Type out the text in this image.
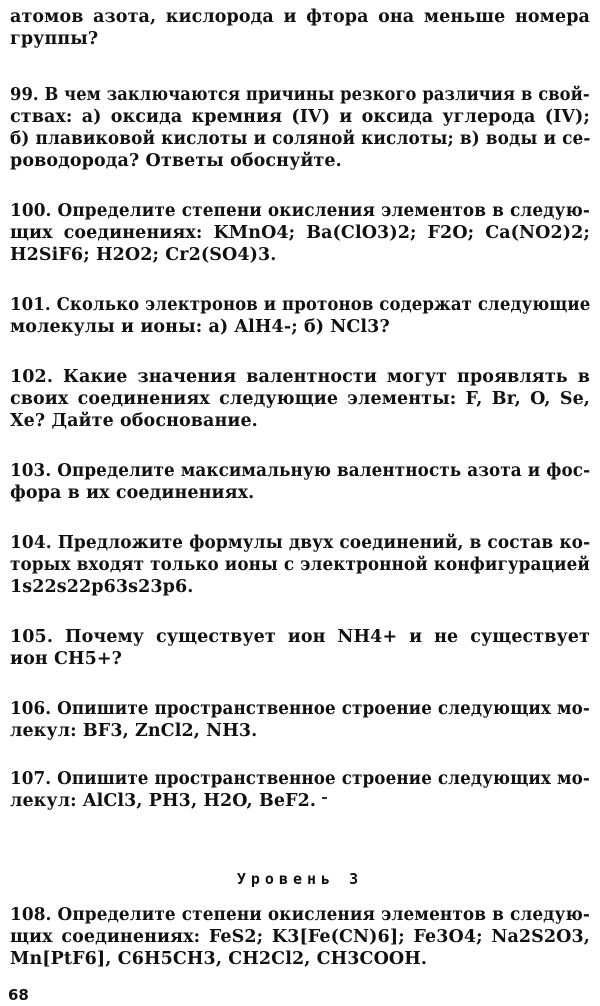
атомов азота, кислорода и фтора она меньше номера
группы?
99. В чем заключаются причины резкого различия в свой-
ствах: а) оксида кремния (IV) и оксида углерода (IV);
б) плавиковой кислоты и соляной кислоты; в) воды и се-
роводорода? Ответы обоснуйте.
100. Определите степени окисления элементов в следую-
щих соединениях: KMnO4; Ba(ClO3)2; F2O; Ca(NO2)2;
H2SiF6; H2O2; Cr2(SO4)3.
101. Сколько электронов и протонов содержат следующие
молекулы и ионы: а) AlH4-; б) NCl3?
102. Какие значения валентности могут проявлять в
своих соединениях следующие элементы: F, Br, O, Se,
Xe? Дайте обоснование.
103. Определите максимальную валентность азота и фос-
фора в их соединениях.
104. Предложите формулы двух соединений, в состав ко-
торых входят только ионы с электронной конфигурацией
1s22s22p63s23p6.
105. Почему существует ион NH4+ и не существует
ион CH5+?
106. Опишите пространственное строение следующих мо-
лекул: BF3, ZnCl2, NH3.
107. Опишите пространственное строение следующих мо-
лекул: AlCl3, PH3, H2O, BeF2.
Уровень 3
108. Определите степени окисления элементов в следую-
щих соединениях: FeS2; K3[Fe(CN)6]; Fe3O4; Na2S2O3,
Mn[PtF6], C6H5CH3, CH2Cl2, CH3COOH.
68
